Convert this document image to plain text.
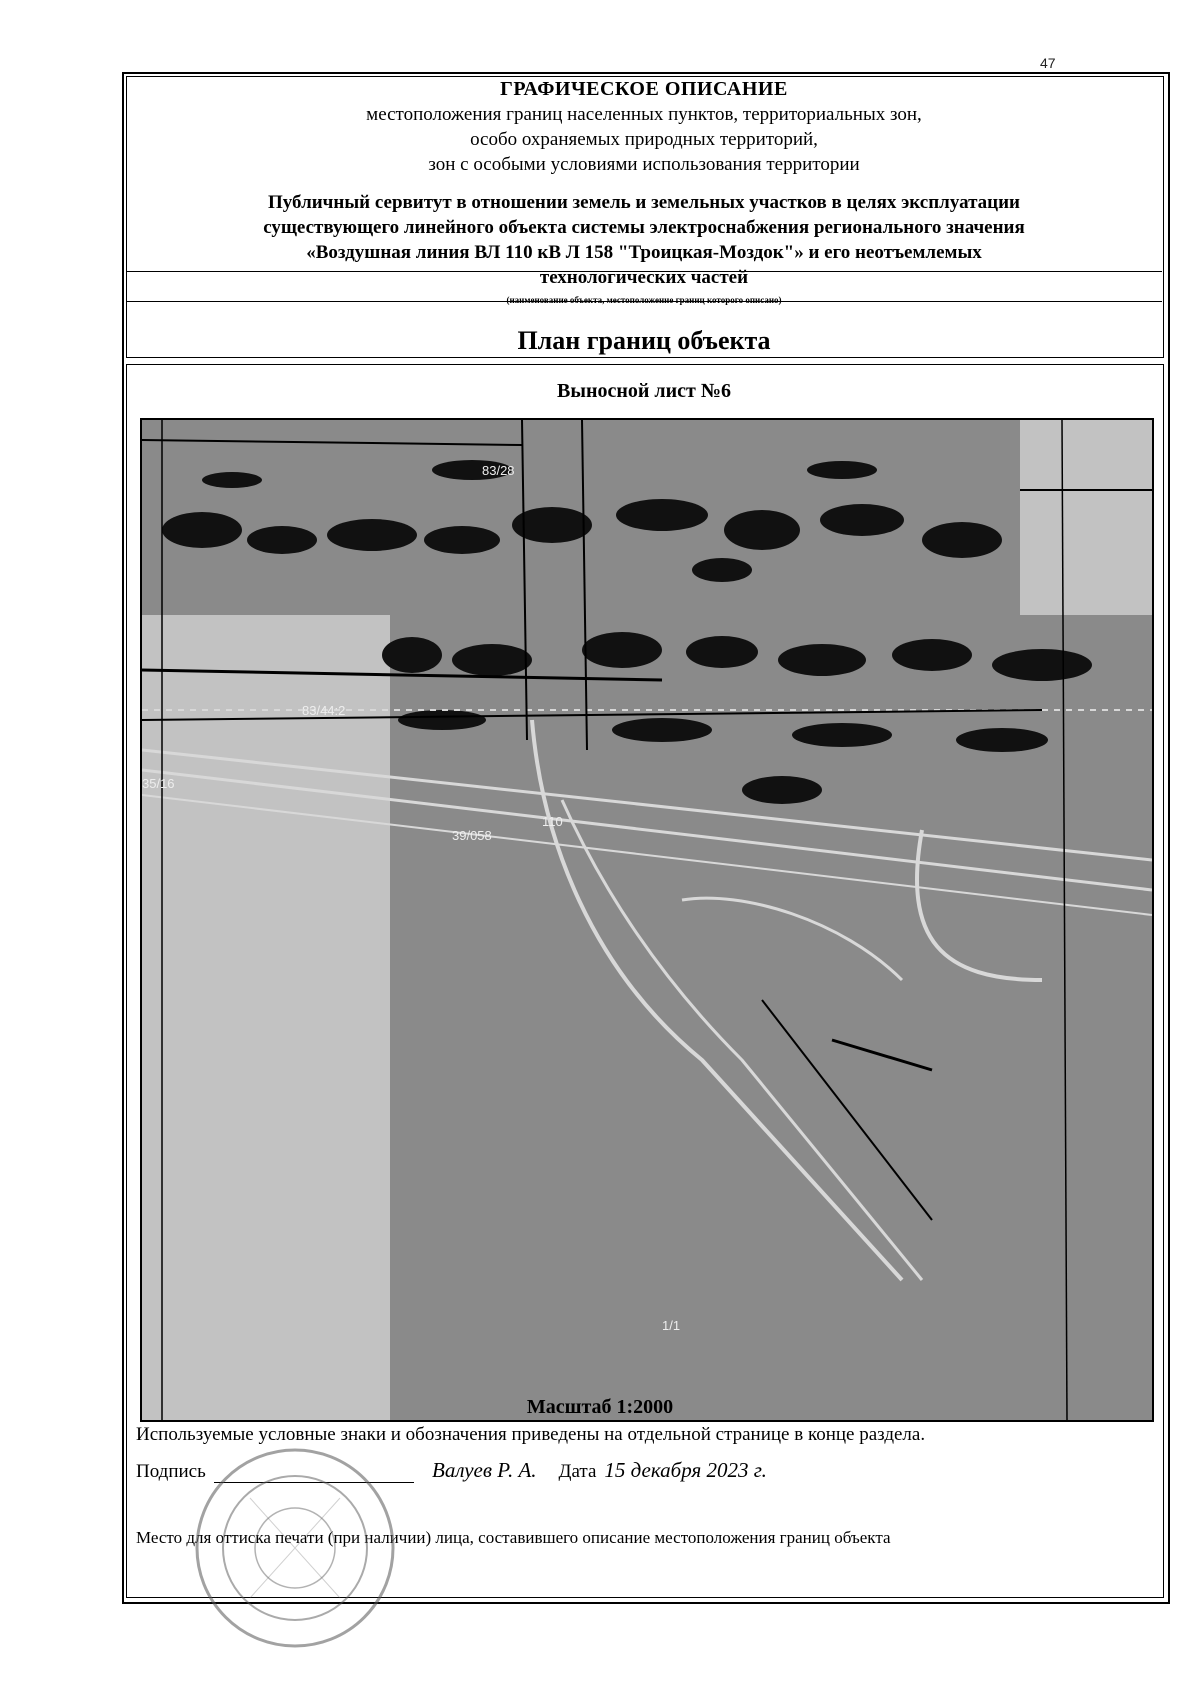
47
ГРАФИЧЕСКОЕ ОПИСАНИЕ
местоположения границ населенных пунктов, территориальных зон,
особо охраняемых природных территорий,
зон с особыми условиями использования территории
Публичный сервитут в отношении земель и земельных участков в целях эксплуатации
существующего линейного объекта системы электроснабжения регионального значения
«Воздушная линия ВЛ 110 кВ Л 158 "Троицкая-Моздок"» и его неотъемлемых
технологических частей
(наименование объекта, местоположение границ которого описано)
План границ объекта
Выносной лист №6
83/44:2
35/16
39/058
83/28
110
1/1
Масштаб 1:2000
Используемые условные знаки и обозначения приведены на отдельной странице в конце раздела.
Подпись	Валуев Р. А. Дата 15 декабря 2023 г.
Место для оттиска печати (при наличии) лица, составившего описание местоположения границ объекта
